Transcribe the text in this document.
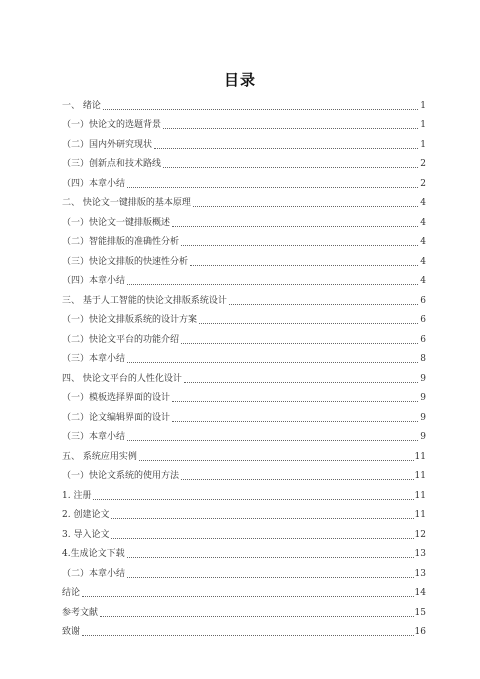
目录
一、 绪论	1
（一）快论文的选题背景	1
（二）国内外研究现状	1
（三）创新点和技术路线	2
（四）本章小结	2
二、 快论文一键排版的基本原理	4
（一）快论文一键排版概述	4
（二）智能排版的准确性分析	4
（三）快论文排版的快速性分析	4
（四）本章小结	4
三、 基于人工智能的快论文排版系统设计	6
（一）快论文排版系统的设计方案	6
（二）快论文平台的功能介绍	6
（三）本章小结	8
四、 快论文平台的人性化设计	9
（一）模板选择界面的设计	9
（二）论文编辑界面的设计	9
（三）本章小结	9
五、 系统应用实例	11
（一）快论文系统的使用方法	11
1. 注册	11
2. 创建论文	11
3. 导入论文	12
4.生成论文下载	13
（二）本章小结	13
结论	14
参考文献	15
致谢	16
